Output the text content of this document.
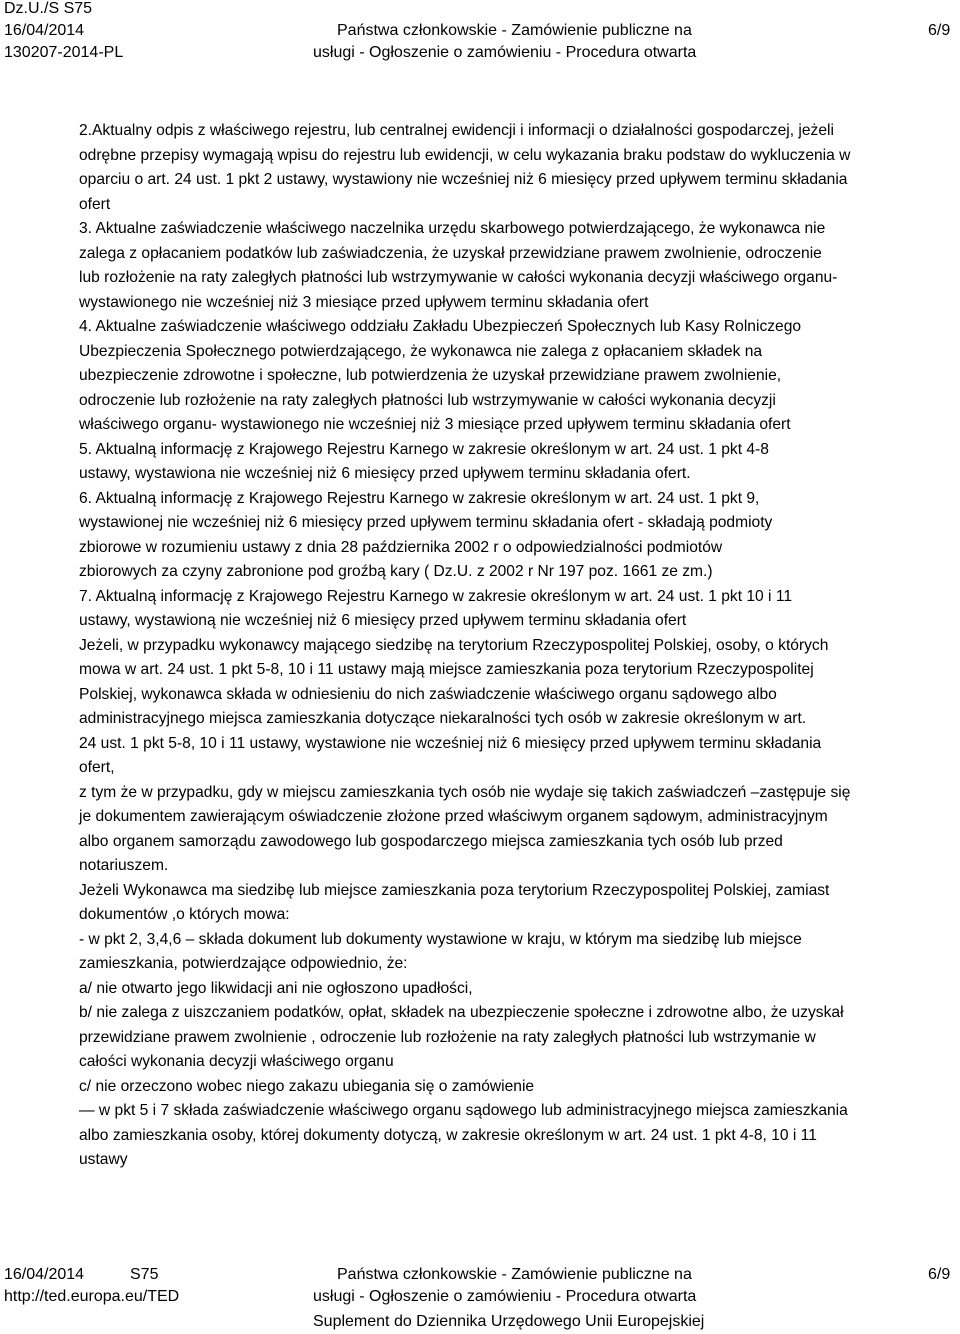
Dz.U./S S75
16/04/2014
130207-2014-PL
Państwa członkowskie - Zamówienie publiczne na
usługi - Ogłoszenie o zamówieniu - Procedura otwarta
6/9
2.Aktualny odpis z właściwego rejestru, lub centralnej ewidencji i informacji o działalności gospodarczej, jeżeli
odrębne przepisy wymagają wpisu do rejestru lub ewidencji, w celu wykazania braku podstaw do wykluczenia w
oparciu o art. 24 ust. 1 pkt 2 ustawy, wystawiony nie wcześniej niż 6 miesięcy przed upływem terminu składania
ofert
3. Aktualne zaświadczenie właściwego naczelnika urzędu skarbowego potwierdzającego, że wykonawca nie
zalega z opłacaniem podatków lub zaświadczenia, że uzyskał przewidziane prawem zwolnienie, odroczenie
lub rozłożenie na raty zaległych płatności lub wstrzymywanie w całości wykonania decyzji właściwego organu-
wystawionego nie wcześniej niż 3 miesiące przed upływem terminu składania ofert
4. Aktualne zaświadczenie właściwego oddziału Zakładu Ubezpieczeń Społecznych lub Kasy Rolniczego
Ubezpieczenia Społecznego potwierdzającego, że wykonawca nie zalega z opłacaniem składek na
ubezpieczenie zdrowotne i społeczne, lub potwierdzenia że uzyskał przewidziane prawem zwolnienie,
odroczenie lub rozłożenie na raty zaległych płatności lub wstrzymywanie w całości wykonania decyzji
właściwego organu- wystawionego nie wcześniej niż 3 miesiące przed upływem terminu składania ofert
5. Aktualną informację z Krajowego Rejestru Karnego w zakresie określonym w art. 24 ust. 1 pkt 4-8
ustawy, wystawiona nie wcześniej niż 6 miesięcy przed upływem terminu składania ofert.
6. Aktualną informację z Krajowego Rejestru Karnego w zakresie określonym w art. 24 ust. 1 pkt 9,
wystawionej nie wcześniej niż 6 miesięcy przed upływem terminu składania ofert - składają podmioty
zbiorowe w rozumieniu ustawy z dnia 28 października 2002 r o odpowiedzialności podmiotów
zbiorowych za czyny zabronione pod groźbą kary ( Dz.U. z 2002 r Nr 197 poz. 1661 ze zm.)
7. Aktualną informację z Krajowego Rejestru Karnego w zakresie określonym w art. 24 ust. 1 pkt 10 i 11
ustawy, wystawioną nie wcześniej niż 6 miesięcy przed upływem terminu składania ofert
Jeżeli, w przypadku wykonawcy mającego siedzibę na terytorium Rzeczypospolitej Polskiej, osoby, o których
mowa w art. 24 ust. 1 pkt 5-8, 10 i 11 ustawy mają miejsce zamieszkania poza terytorium Rzeczypospolitej
Polskiej, wykonawca składa w odniesieniu do nich zaświadczenie właściwego organu sądowego albo
administracyjnego miejsca zamieszkania dotyczące niekaralności tych osób w zakresie określonym w art.
24 ust. 1 pkt 5-8, 10 i 11 ustawy, wystawione nie wcześniej niż 6 miesięcy przed upływem terminu składania
ofert,
z tym że w przypadku, gdy w miejscu zamieszkania tych osób nie wydaje się takich zaświadczeń –zastępuje się
je dokumentem zawierającym oświadczenie złożone przed właściwym organem sądowym, administracyjnym
albo organem samorządu zawodowego lub gospodarczego miejsca zamieszkania tych osób lub przed
notariuszem.
Jeżeli Wykonawca ma siedzibę lub miejsce zamieszkania poza terytorium Rzeczypospolitej Polskiej, zamiast
dokumentów ,o których mowa:
- w pkt 2, 3,4,6 – składa dokument lub dokumenty wystawione w kraju, w którym ma siedzibę lub miejsce
zamieszkania, potwierdzające odpowiednio, że:
a/ nie otwarto jego likwidacji ani nie ogłoszono upadłości,
b/ nie zalega z uiszczaniem podatków, opłat, składek na ubezpieczenie społeczne i zdrowotne albo, że uzyskał
przewidziane prawem zwolnienie , odroczenie lub rozłożenie na raty zaległych płatności lub wstrzymanie w
całości wykonania decyzji właściwego organu
c/ nie orzeczono wobec niego zakazu ubiegania się o zamówienie
— w pkt 5 i 7 składa zaświadczenie właściwego organu sądowego lub administracyjnego miejsca zamieszkania
albo zamieszkania osoby, której dokumenty dotyczą, w zakresie określonym w art. 24 ust. 1 pkt 4-8, 10 i 11
ustawy
16/04/2014	S75
http://ted.europa.eu/TED
Państwa członkowskie - Zamówienie publiczne na
usługi - Ogłoszenie o zamówieniu - Procedura otwarta
Suplement do Dziennika Urzędowego Unii Europejskiej
6/9
